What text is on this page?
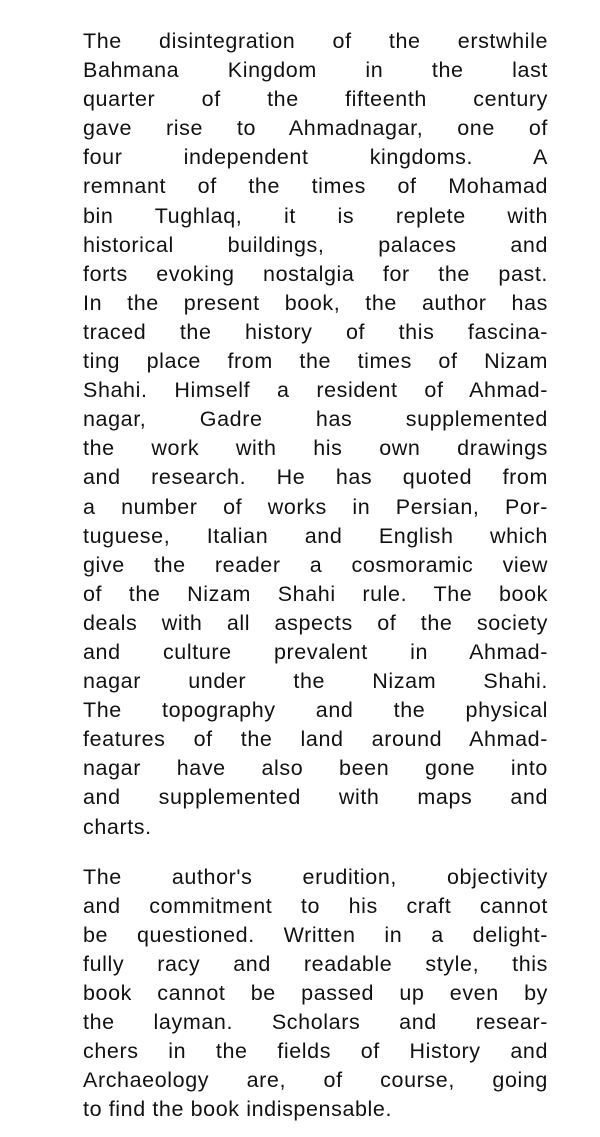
The disintegration of the erstwhile
Bahmana Kingdom in the last
quarter of the fifteenth century
gave rise to Ahmadnagar, one of
four independent kingdoms. A
remnant of the times of Mohamad
bin Tughlaq, it is replete with
historical buildings, palaces and
forts evoking nostalgia for the past.
In the present book, the author has
traced the history of this fascina-
ting place from the times of Nizam
Shahi. Himself a resident of Ahmad-
nagar, Gadre has supplemented
the work with his own drawings
and research. He has quoted from
a number of works in Persian, Por-
tuguese, Italian and English which
give the reader a cosmoramic view
of the Nizam Shahi rule. The book
deals with all aspects of the society
and culture prevalent in Ahmad-
nagar under the Nizam Shahi.
The topography and the physical
features of the land around Ahmad-
nagar have also been gone into
and supplemented with maps and
charts.
The author's erudition, objectivity
and commitment to his craft cannot
be questioned. Written in a delight-
fully racy and readable style, this
book cannot be passed up even by
the layman. Scholars and resear-
chers in the fields of History and
Archaeology are, of course, going
to find the book indispensable.
